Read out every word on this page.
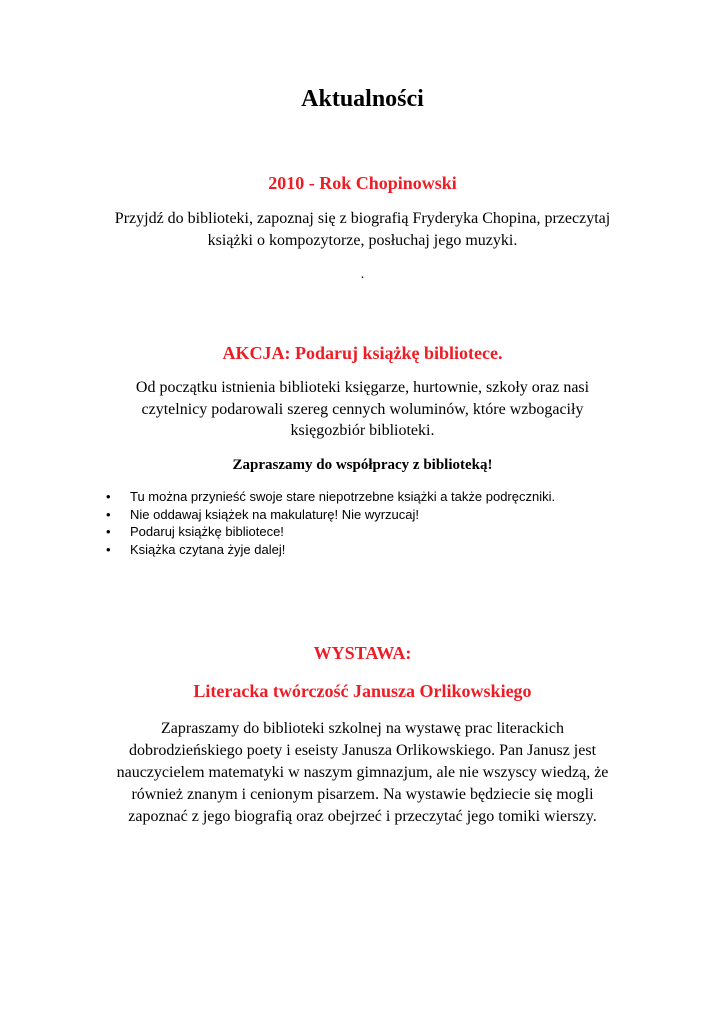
Aktualności
2010 - Rok Chopinowski
Przyjdź do biblioteki, zapoznaj się z biografią Fryderyka Chopina, przeczytaj
książki o kompozytorze, posłuchaj jego muzyki.
.
AKCJA: Podaruj książkę bibliotece.
Od początku istnienia biblioteki księgarze, hurtownie, szkoły oraz nasi
czytelnicy podarowali szereg cennych woluminów, które wzbogaciły
księgozbiór biblioteki.
Zapraszamy do współpracy z biblioteką!
• Tu można przynieść swoje stare niepotrzebne książki a także podręczniki.
• Nie oddawaj książek na makulaturę! Nie wyrzucaj!
• Podaruj książkę bibliotece!
• Książka czytana żyje dalej!
WYSTAWA:
Literacka twórczość Janusza Orlikowskiego
Zapraszamy do biblioteki szkolnej na wystawę prac literackich
dobrodzieńskiego poety i eseisty Janusza Orlikowskiego. Pan Janusz jest
nauczycielem matematyki w naszym gimnazjum, ale nie wszyscy wiedzą, że
również znanym i cenionym pisarzem. Na wystawie będziecie się mogli
zapoznać z jego biografią oraz obejrzeć i przeczytać jego tomiki wierszy.
